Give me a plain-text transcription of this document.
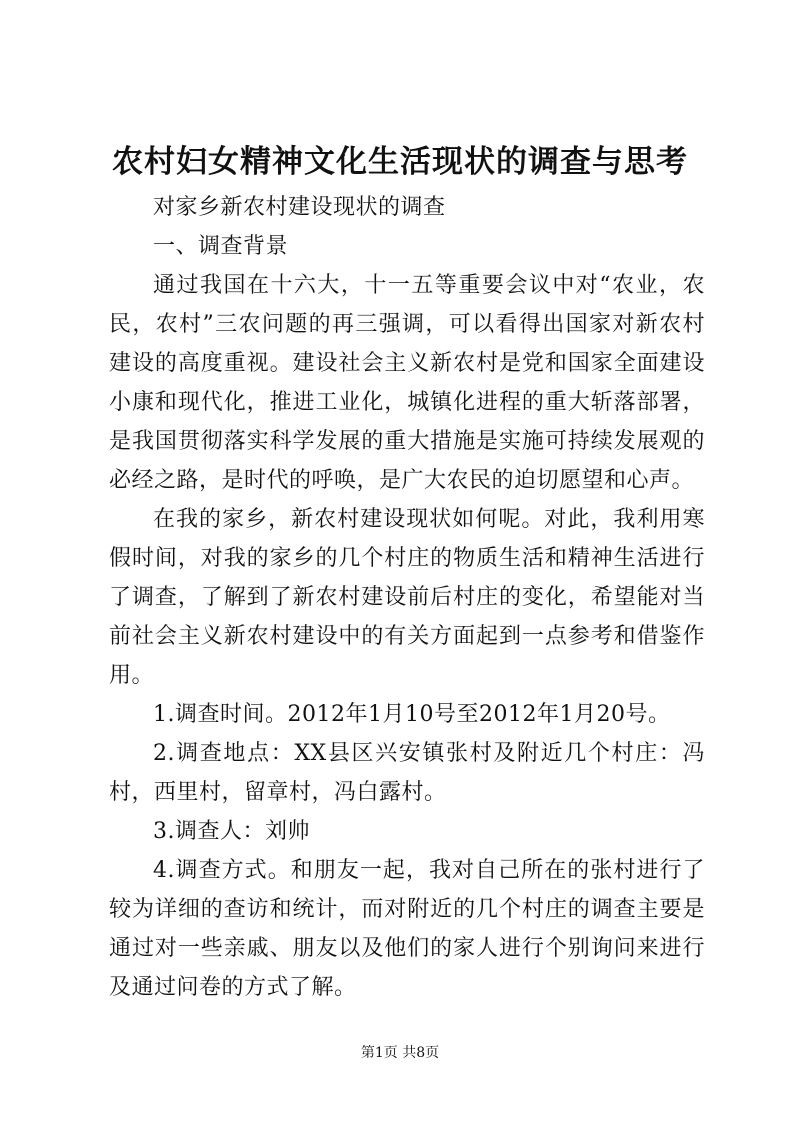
农村妇女精神文化生活现状的调查与思考

对家乡新农村建设现状的调查

一、调查背景

通过我国在十六大，十一五等重要会议中对“农业，农民，农村”三农问题的再三强调，可以看得出国家对新农村建设的高度重视。建设社会主义新农村是党和国家全面建设小康和现代化，推进工业化，城镇化进程的重大斩落部署，是我国贯彻落实科学发展的重大措施是实施可持续发展观的必经之路，是时代的呼唤，是广大农民的迫切愿望和心声。

在我的家乡，新农村建设现状如何呢。对此，我利用寒假时间，对我的家乡的几个村庄的物质生活和精神生活进行了调查，了解到了新农村建设前后村庄的变化，希望能对当前社会主义新农村建设中的有关方面起到一点参考和借鉴作用。

1.调查时间。2012年1月10号至2012年1月20号。

2.调查地点：XX县区兴安镇张村及附近几个村庄：冯村，西里村，留章村，冯白露村。

3.调查人：刘帅

4.调查方式。和朋友一起，我对自己所在的张村进行了较为详细的查访和统计，而对附近的几个村庄的调查主要是通过对一些亲戚、朋友以及他们的家人进行个别询问来进行及通过问卷的方式了解。

第1页 共8页
